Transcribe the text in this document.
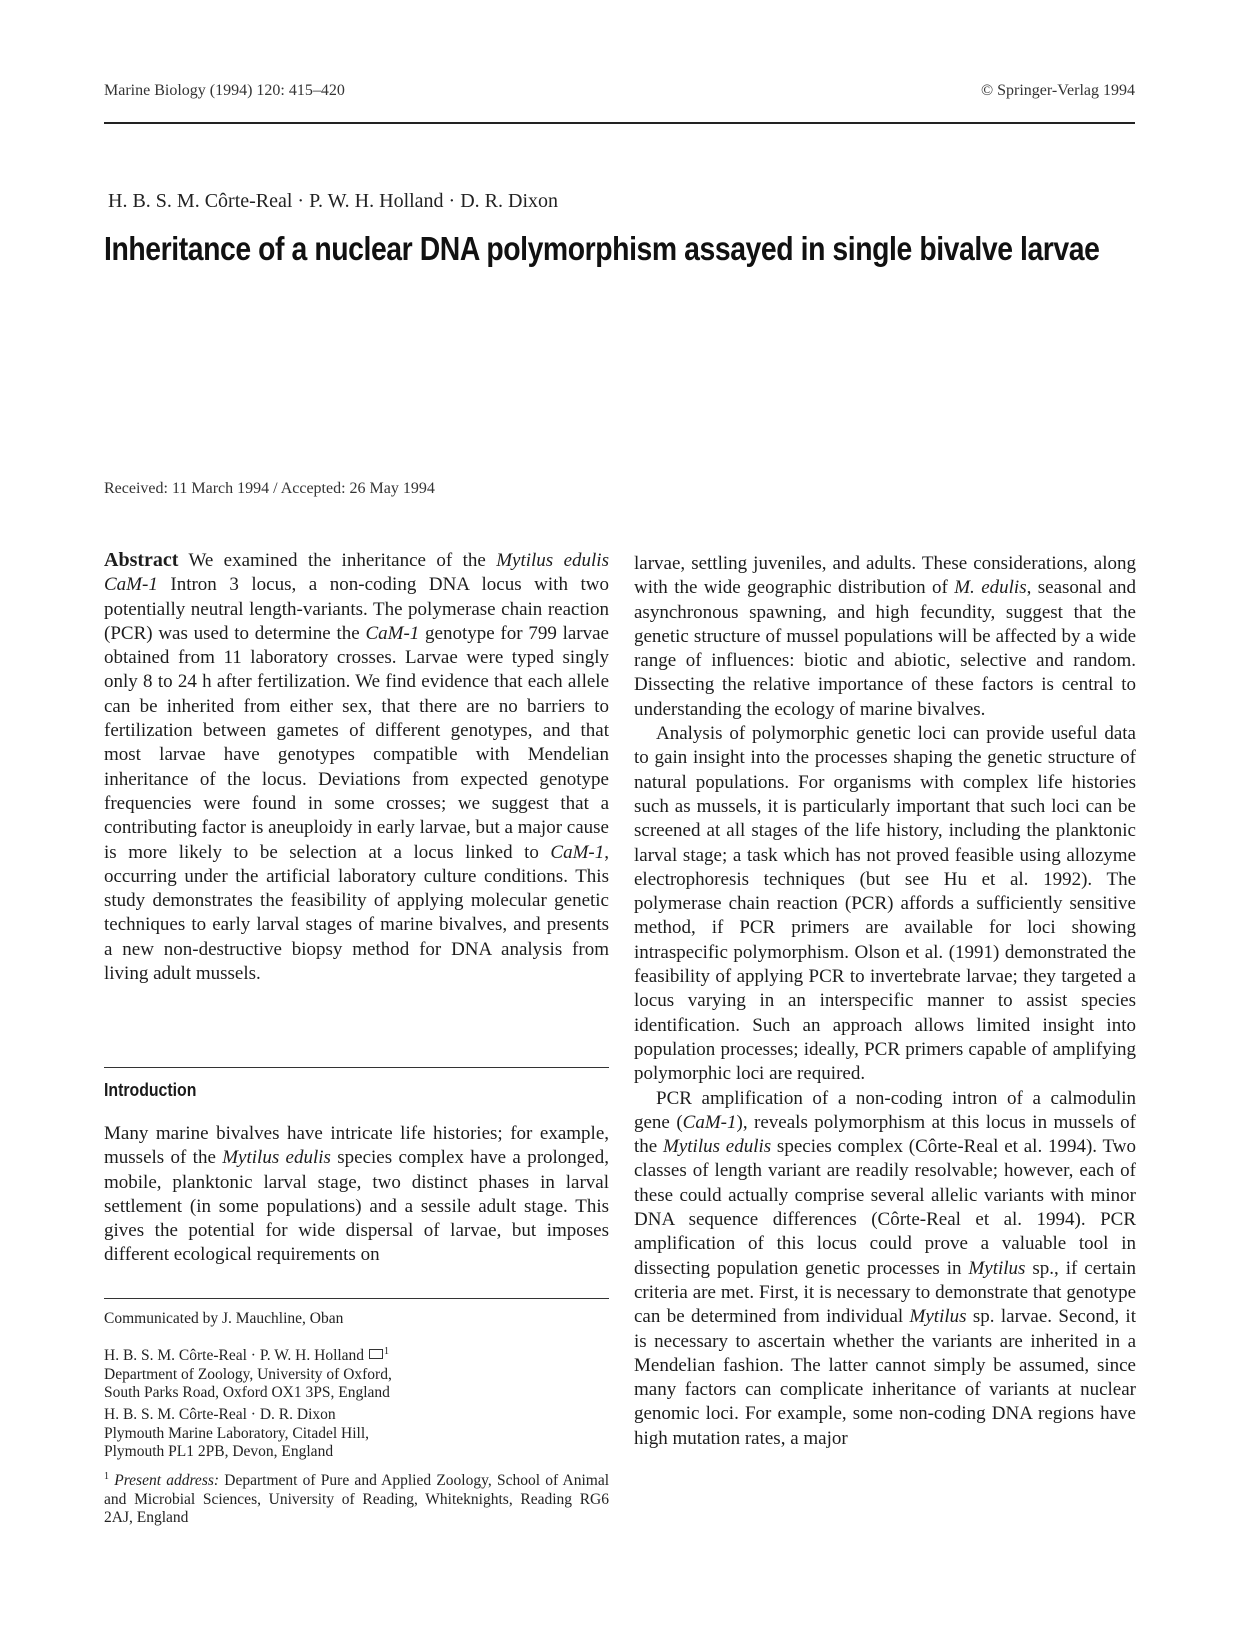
Marine Biology (1994) 120: 415–420	© Springer-Verlag 1994
H. B. S. M. Côrte-Real · P. W. H. Holland · D. R. Dixon
Inheritance of a nuclear DNA polymorphism assayed in single bivalve larvae
Received: 11 March 1994 / Accepted: 26 May 1994

Abstract We examined the inheritance of the Mytilus edulis CaM-1 Intron 3 locus, a non-coding DNA locus with two potentially neutral length-variants. The polymerase chain reaction (PCR) was used to determine the CaM-1 genotype for 799 larvae obtained from 11 laboratory crosses. Larvae were typed singly only 8 to 24 h after fertilization. We find evidence that each allele can be inherited from either sex, that there are no barriers to fertilization between gametes of different genotypes, and that most larvae have genotypes compatible with Mendelian inheritance of the locus. Deviations from expected genotype frequencies were found in some crosses; we suggest that a contributing factor is aneuploidy in early larvae, but a major cause is more likely to be selection at a locus linked to CaM-1, occurring under the artificial laboratory culture conditions. This study demonstrates the feasibility of applying molecular genetic techniques to early larval stages of marine bivalves, and presents a new non-destructive biopsy method for DNA analysis from living adult mussels.

Introduction

Many marine bivalves have intricate life histories; for example, mussels of the Mytilus edulis species complex have a prolonged, mobile, planktonic larval stage, two distinct phases in larval settlement (in some populations) and a sessile adult stage. This gives the potential for wide dispersal of larvae, but imposes different ecological requirements on

Communicated by J. Mauchline, Oban

H. B. S. M. Côrte-Real · P. W. H. Holland $^1$

Department of Zoology, University of Oxford,

South Parks Road, Oxford OX1 3PS, England

H. B. S. M. Côrte-Real · D. R. Dixon

Plymouth Marine Laboratory, Citadel Hill,

Plymouth PL1 2PB, Devon, England

$^1$ Present address: Department of Pure and Applied Zoology, School of Animal and Microbial Sciences, University of Reading, Whiteknights, Reading RG6 2AJ, England

larvae, settling juveniles, and adults. These considerations, along with the wide geographic distribution of M. edulis, seasonal and asynchronous spawning, and high fecundity, suggest that the genetic structure of mussel populations will be affected by a wide range of influences: biotic and abiotic, selective and random. Dissecting the relative importance of these factors is central to understanding the ecology of marine bivalves.

Analysis of polymorphic genetic loci can provide useful data to gain insight into the processes shaping the genetic structure of natural populations. For organisms with complex life histories such as mussels, it is particularly important that such loci can be screened at all stages of the life history, including the planktonic larval stage; a task which has not proved feasible using allozyme electrophoresis techniques (but see Hu et al. 1992). The polymerase chain reaction (PCR) affords a sufficiently sensitive method, if PCR primers are available for loci showing intraspecific polymorphism. Olson et al. (1991) demonstrated the feasibility of applying PCR to invertebrate larvae; they targeted a locus varying in an interspecific manner to assist species identification. Such an approach allows limited insight into population processes; ideally, PCR primers capable of amplifying polymorphic loci are required.

PCR amplification of a non-coding intron of a calmodulin gene (CaM-1), reveals polymorphism at this locus in mussels of the Mytilus edulis species complex (Côrte-Real et al. 1994). Two classes of length variant are readily resolvable; however, each of these could actually comprise several allelic variants with minor DNA sequence differences (Côrte-Real et al. 1994). PCR amplification of this locus could prove a valuable tool in dissecting population genetic processes in Mytilus sp., if certain criteria are met. First, it is necessary to demonstrate that genotype can be determined from individual Mytilus sp. larvae. Second, it is necessary to ascertain whether the variants are inherited in a Mendelian fashion. The latter cannot simply be assumed, since many factors can complicate inheritance of variants at nuclear genomic loci. For example, some non-coding DNA regions have high mutation rates, a major
